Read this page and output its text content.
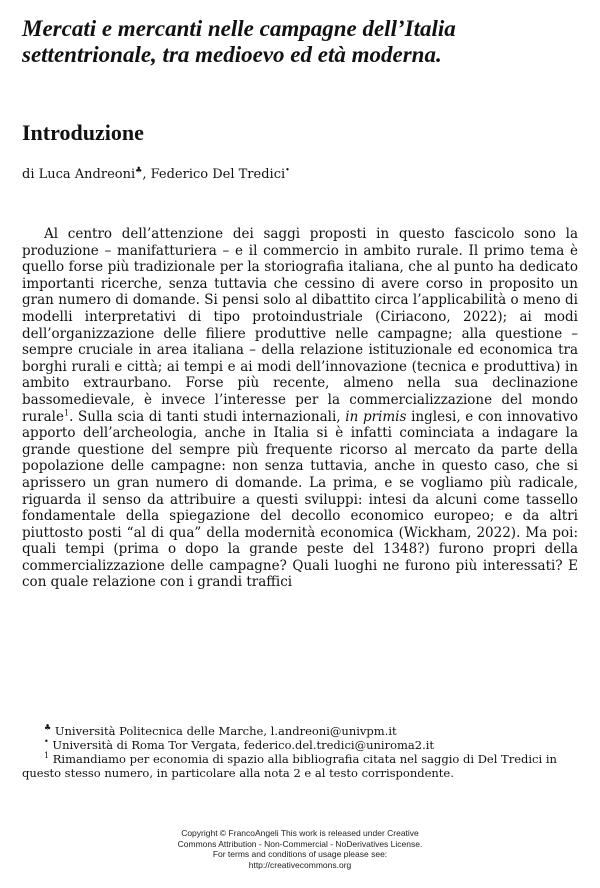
Mercati e mercanti nelle campagne dell’Italia settentrionale, tra medioevo ed età moderna.
Introduzione

di Luca Andreoni♣, Federico Del Tredici•

Al centro dell’attenzione dei saggi proposti in questo fascicolo sono la produzione – manifatturiera – e il commercio in ambito rurale. Il primo tema è quello forse più tradizionale per la storiografia italiana, che al punto ha dedicato importanti ricerche, senza tuttavia che cessino di avere corso in proposito un gran numero di domande. Si pensi solo al dibattito circa l’applicabilità o meno di modelli interpretativi di tipo protoindustriale (Ciriacono, 2022); ai modi dell’organizzazione delle filiere produttive nelle campagne; alla questione – sempre cruciale in area italiana – della relazione istituzionale ed economica tra borghi rurali e città; ai tempi e ai modi dell’innovazione (tecnica e produttiva) in ambito extraurbano. Forse più recente, almeno nella sua declinazione bassomedievale, è invece l’interesse per la commercializzazione del mondo rurale$^1$. Sulla scia di tanti studi internazionali, in primis inglesi, e con innovativo apporto dell’archeologia, anche in Italia si è infatti cominciata a indagare la grande questione del sempre più frequente ricorso al mercato da parte della popolazione delle campagne: non senza tuttavia, anche in questo caso, che si aprissero un gran numero di domande. La prima, e se vogliamo più radicale, riguarda il senso da attribuire a questi sviluppi: intesi da alcuni come tassello fondamentale della spiegazione del decollo economico europeo; e da altri piuttosto posti “al di qua” della modernità economica (Wickham, 2022). Ma poi: quali tempi (prima o dopo la grande peste del 1348?) furono propri della commercializzazione delle campagne? Quali luoghi ne furono più interessati? E con quale relazione con i grandi traffici

♣ Università Politecnica delle Marche, l.andreoni@univpm.it

• Università di Roma Tor Vergata, federico.del.tredici@uniroma2.it

$^1$ Rimandiamo per economia di spazio alla bibliografia citata nel saggio di Del Tredici in questo stesso numero, in particolare alla nota 2 e al testo corrispondente.

Copyright © FrancoAngeli This work is released under Creative

Commons Attribution - Non-Commercial - NoDerivatives License.

For terms and conditions of usage please see:

http://creativecommons.org
